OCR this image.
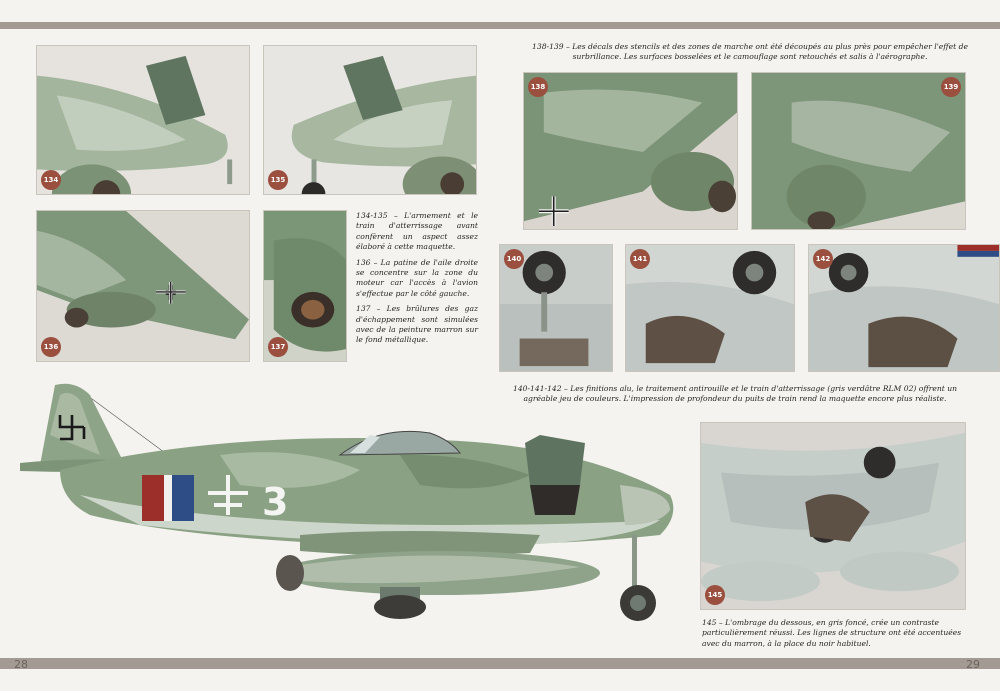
28	29
134	135
136	137

134-135 – L'armement et le train d'atterrissage avant confèrent un aspect assez élaboré à cette maquette.

136 – La patine de l'aile droite se concentre sur la zone du moteur car l'accès à l'avion s'effectue par le côté gauche.

137 – Les brûlures des gaz d'échappement sont simulées avec de la peinture marron sur le fond métallique.

3
138-139 – Les décals des stencils et des zones de marche ont été découpés au plus près pour empêcher l'effet de surbrillance. Les surfaces bosselées et le camouflage sont retouchés et salis à l'aérographe.
138	139
140	141	142
140-141-142 – Les finitions alu, le traitement antirouille et le train d'atterrissage (gris verdâtre RLM 02) offrent un agréable jeu de couleurs. L'impression de profondeur du puits de train rend la maquette encore plus réaliste.
145
145 – L'ombrage du dessous, en gris foncé, crée un contraste particulièrement réussi. Les lignes de structure ont été accentuées avec du marron, à la place du noir habituel.
